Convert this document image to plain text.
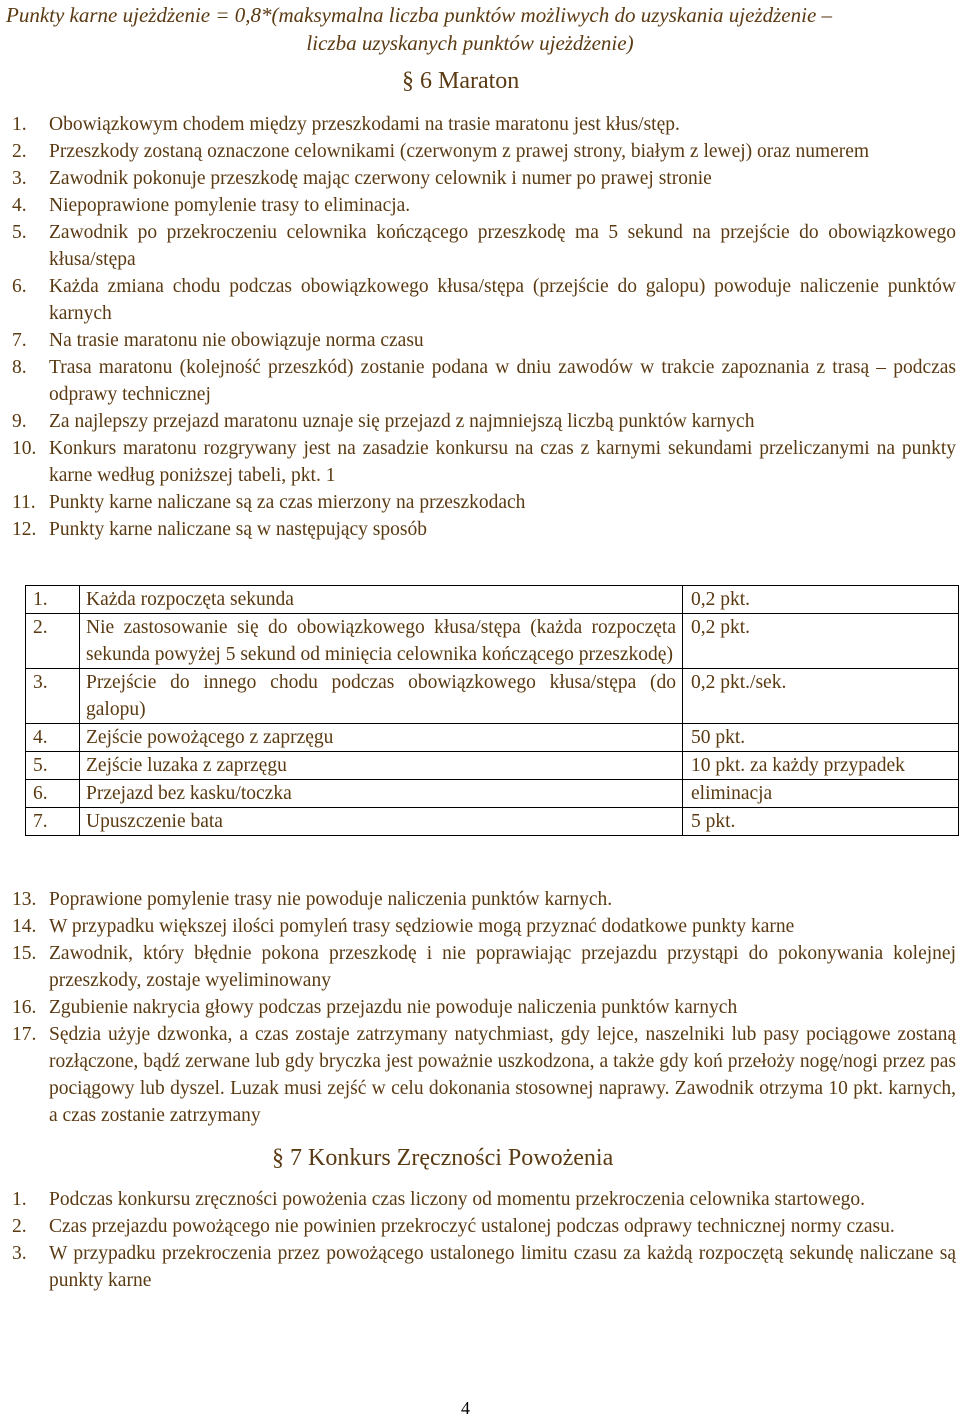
Punkty karne ujeżdżenie = 0,8*(maksymalna liczba punktów możliwych do uzyskania ujeżdżenie –
liczba uzyskanych punktów ujeżdżenie)
§ 6 Maraton
1. Obowiązkowym chodem między przeszkodami na trasie maratonu jest kłus/stęp.
2. Przeszkody zostaną oznaczone celownikami (czerwonym z prawej strony, białym z lewej) oraz numerem
3. Zawodnik pokonuje przeszkodę mając czerwony celownik i numer po prawej stronie
4. Niepoprawione pomylenie trasy to eliminacja.
5. Zawodnik po przekroczeniu celownika kończącego przeszkodę ma 5 sekund na przejście do obowiązkowego kłusa/stępa
6. Każda zmiana chodu podczas obowiązkowego kłusa/stępa (przejście do galopu) powoduje naliczenie punktów karnych
7. Na trasie maratonu nie obowiązuje norma czasu
8. Trasa maratonu (kolejność przeszkód) zostanie podana w dniu zawodów w trakcie zapoznania z trasą – podczas odprawy technicznej
9. Za najlepszy przejazd maratonu uznaje się przejazd z najmniejszą liczbą punktów karnych
10. Konkurs maratonu rozgrywany jest na zasadzie konkursu na czas z karnymi sekundami przeliczanymi na punkty karne według poniższej tabeli, pkt. 1
11. Punkty karne naliczane są za czas mierzony na przeszkodach
12. Punkty karne naliczane są w następujący sposób
1.	Każda rozpoczęta sekunda	0,2 pkt.
2.	Nie zastosowanie się do obowiązkowego kłusa/stępa (każda rozpoczęta sekunda powyżej 5 sekund od minięcia celownika kończącego przeszkodę)	0,2 pkt.
3.	Przejście do innego chodu podczas obowiązkowego kłusa/stępa (do galopu)	0,2 pkt./sek.
4.	Zejście powożącego z zaprzęgu	50 pkt.
5.	Zejście luzaka z zaprzęgu	10 pkt. za każdy przypadek
6.	Przejazd bez kasku/toczka	eliminacja
7.	Upuszczenie bata	5 pkt.
13. Poprawione pomylenie trasy nie powoduje naliczenia punktów karnych.
14. W przypadku większej ilości pomyleń trasy sędziowie mogą przyznać dodatkowe punkty karne
15. Zawodnik, który błędnie pokona przeszkodę i nie poprawiając przejazdu przystąpi do pokonywania kolejnej przeszkody, zostaje wyeliminowany
16. Zgubienie nakrycia głowy podczas przejazdu nie powoduje naliczenia punktów karnych
17. Sędzia użyje dzwonka, a czas zostaje zatrzymany natychmiast, gdy lejce, naszelniki lub pasy pociągowe zostaną rozłączone, bądź zerwane lub gdy bryczka jest poważnie uszkodzona, a także gdy koń przełoży nogę/nogi przez pas pociągowy lub dyszel. Luzak musi zejść w celu dokonania stosownej naprawy. Zawodnik otrzyma 10 pkt. karnych, a czas zostanie zatrzymany
§ 7 Konkurs Zręczności Powożenia
1. Podczas konkursu zręczności powożenia czas liczony od momentu przekroczenia celownika startowego.
2. Czas przejazdu powożącego nie powinien przekroczyć ustalonej podczas odprawy technicznej normy czasu.
3. W przypadku przekroczenia przez powożącego ustalonego limitu czasu za każdą rozpoczętą sekundę naliczane są punkty karne
4
